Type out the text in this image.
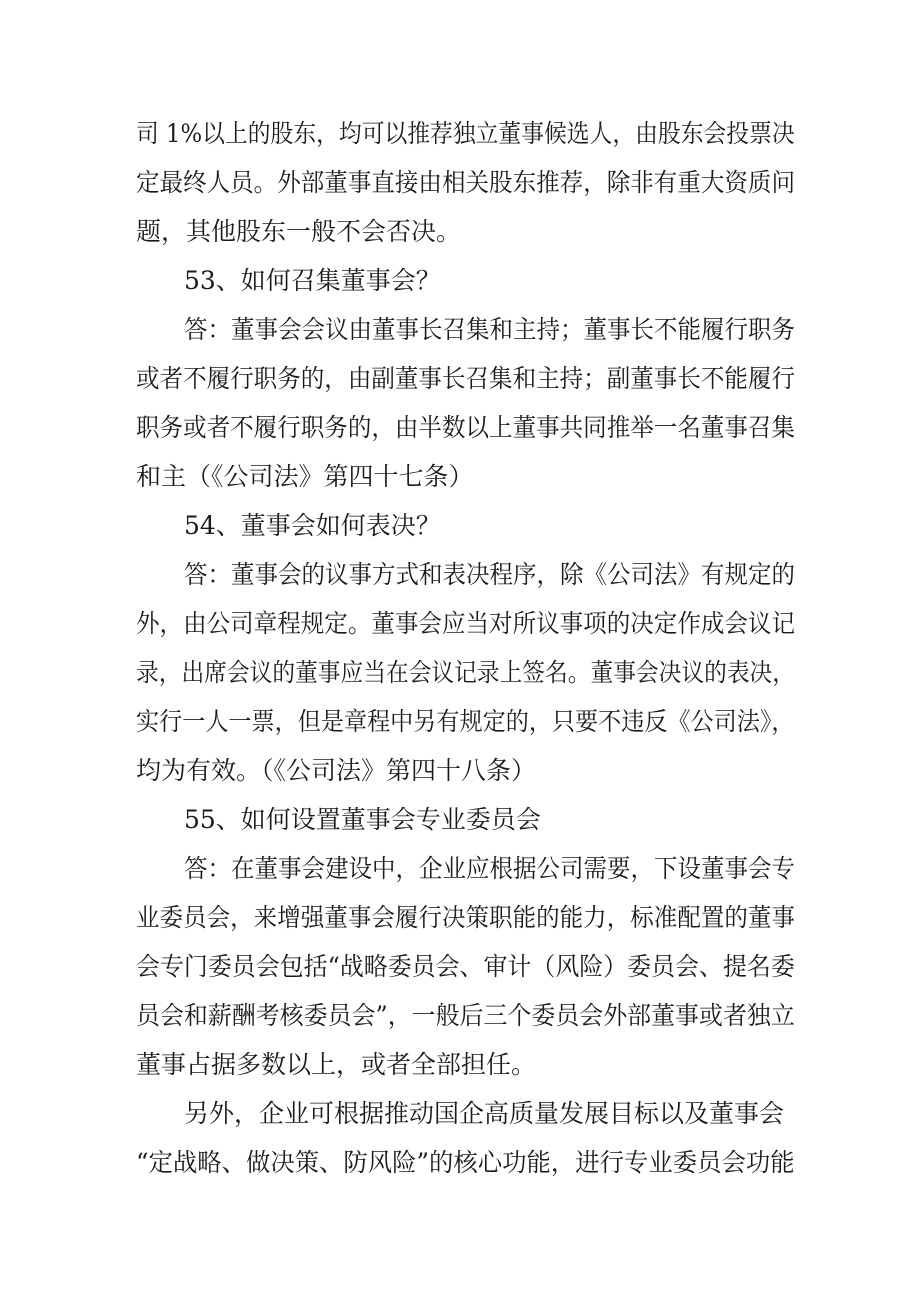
司 1%以上的股东，均可以推荐独立董事候选人，由股东会投票决
定最终人员。外部董事直接由相关股东推荐，除非有重大资质问
题，其他股东一般不会否决。
53、如何召集董事会？
答：董事会会议由董事长召集和主持；董事长不能履行职务
或者不履行职务的，由副董事长召集和主持；副董事长不能履行
职务或者不履行职务的，由半数以上董事共同推举一名董事召集
和主（《公司法》第四十七条）
54、董事会如何表决？
答：董事会的议事方式和表决程序，除《公司法》有规定的
外，由公司章程规定。董事会应当对所议事项的决定作成会议记
录，出席会议的董事应当在会议记录上签名。董事会决议的表决，
实行一人一票，但是章程中另有规定的，只要不违反《公司法》，
均为有效。（《公司法》第四十八条）
55、如何设置董事会专业委员会
答：在董事会建设中，企业应根据公司需要，下设董事会专
业委员会，来增强董事会履行决策职能的能力，标准配置的董事
会专门委员会包括“战略委员会、审计（风险）委员会、提名委
员会和薪酬考核委员会”，一般后三个委员会外部董事或者独立
董事占据多数以上，或者全部担任。
另外，企业可根据推动国企高质量发展目标以及董事会
“定战略、做决策、防风险”的核心功能，进行专业委员会功能
